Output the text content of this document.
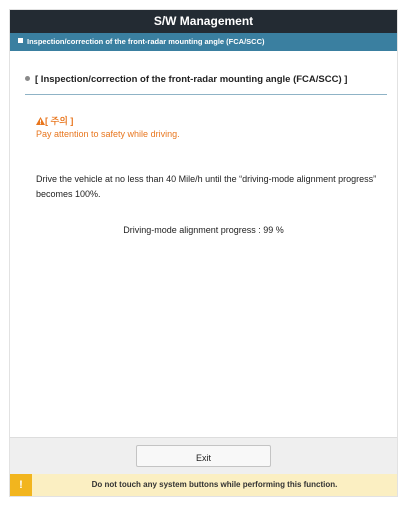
S/W Management
Inspection/correction of the front-radar mounting angle (FCA/SCC)
[ Inspection/correction of the front-radar mounting angle (FCA/SCC) ]
[ 주의 ]
Pay attention to safety while driving.
Drive the vehicle at no less than 40 Mile/h until the “driving-mode alignment progress” becomes 100%.
Driving-mode alignment progress : 99 %
Exit
!	Do not touch any system buttons while performing this function.
